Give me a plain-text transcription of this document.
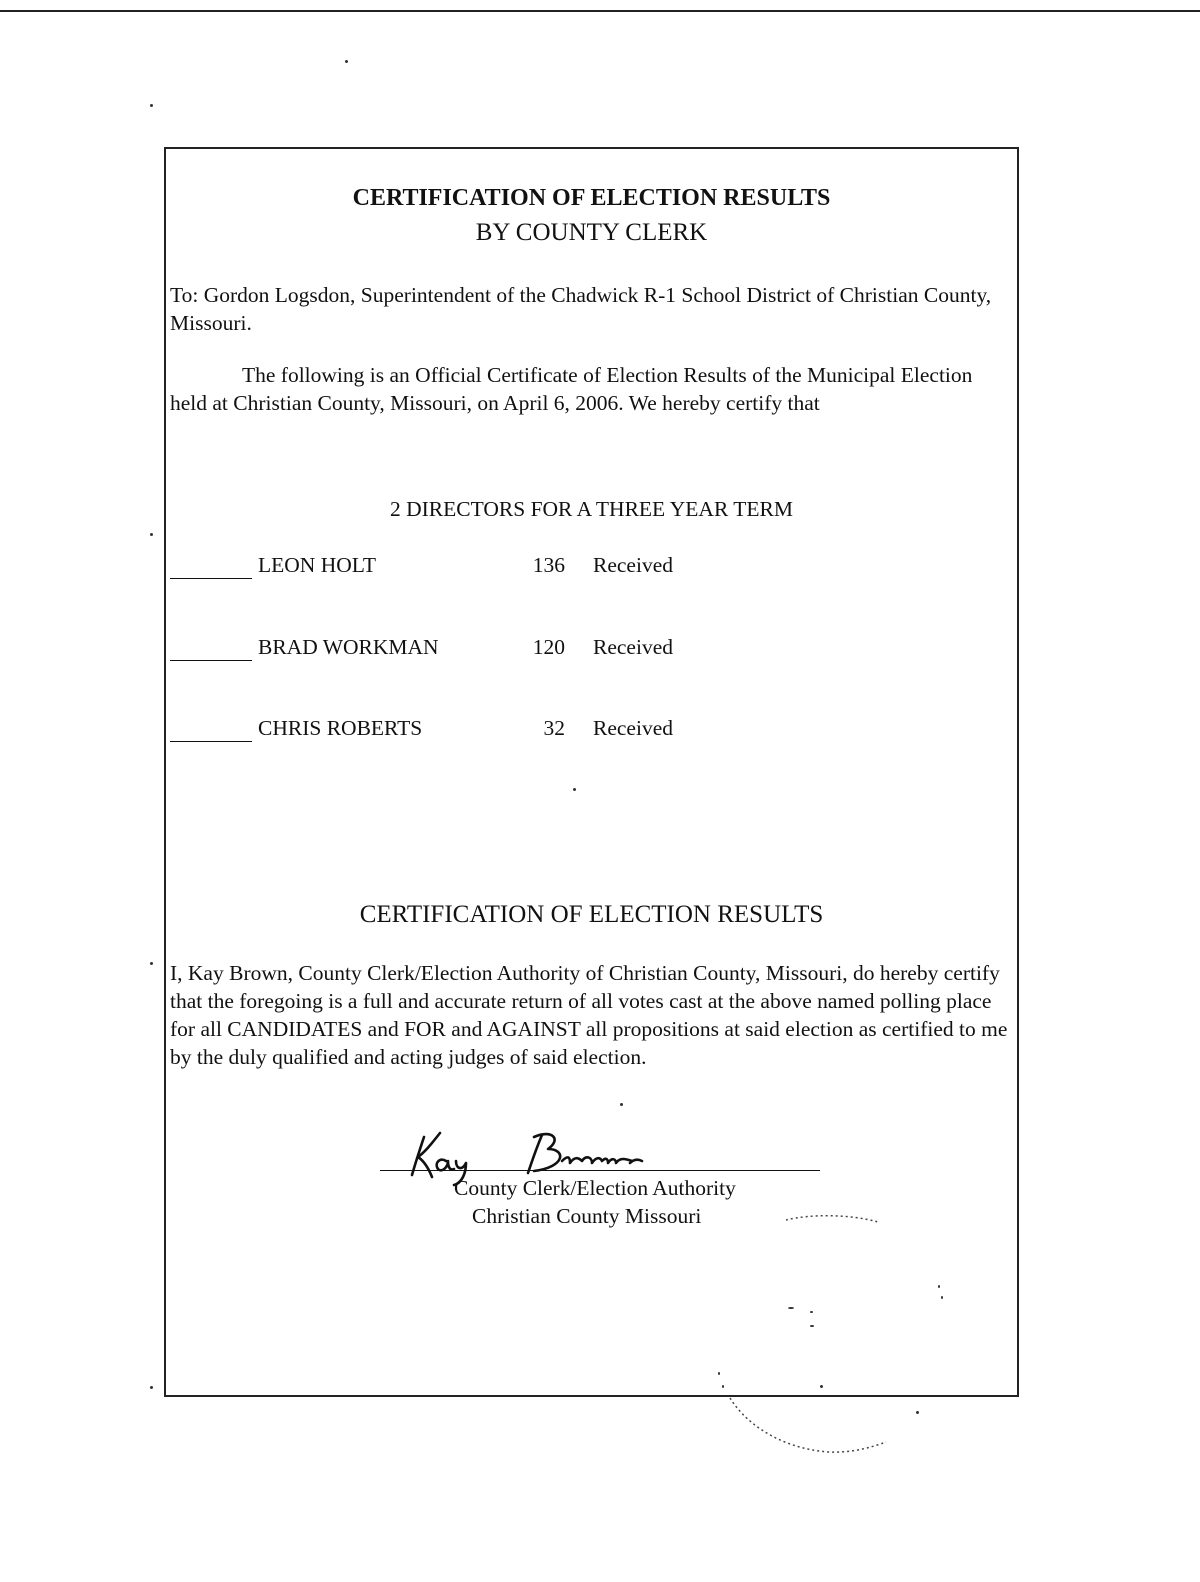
CERTIFICATION OF ELECTION RESULTS
BY COUNTY CLERK
To: Gordon Logsdon, Superintendent of the Chadwick R-1 School District of Christian County, Missouri.
The following is an Official Certificate of Election Results of the Municipal Election held at Christian County, Missouri, on April 6, 2006. We hereby certify that
2 DIRECTORS FOR A THREE YEAR TERM
LEON HOLT	136 Received
BRAD WORKMAN	120 Received
CHRIS ROBERTS	32 Received
CERTIFICATION OF ELECTION RESULTS
I, Kay Brown, County Clerk/Election Authority of Christian County, Missouri, do hereby certify that the foregoing is a full and accurate return of all votes cast at the above named polling place for all CANDIDATES and FOR and AGAINST all propositions at said election as certified to me by the duly qualified and acting judges of said election.
County Clerk/Election Authority
Christian County Missouri
